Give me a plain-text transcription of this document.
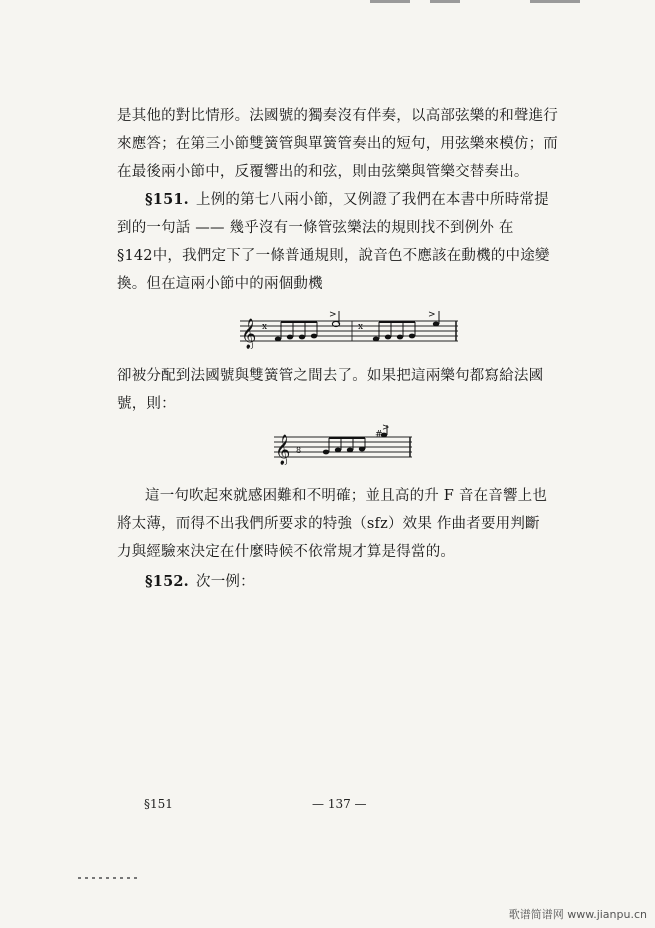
是其他的對比情形。法國號的獨奏沒有伴奏，以高部弦樂的和聲進行
來應答；在第三小節雙簧管與單簧管奏出的短句，用弦樂來模仿；而
在最後兩小節中，反覆響出的和弦，則由弦樂與管樂交替奏出。
§151. 上例的第七八兩小節，又例證了我們在本書中所時常提
到的一句話 —— 幾乎沒有一條管弦樂法的規則找不到例外 在
§142中，我們定下了一條普通規則，說音色不應該在動機的中途變
換。但在這兩小節中的兩個動機
𝄞 x
>	>
x
卻被分配到法國號與雙簧管之間去了。如果把這兩樂句都寫給法國
號，則：
𝄞 8
#
>
這一句吹起來就感困難和不明確；並且高的升 F 音在音響上也
將太薄，而得不出我們所要求的特強（sfz）效果 作曲者要用判斷
力與經驗來決定在什麼時候不依常規才算是得當的。
§152. 次一例：
§151	— 137 —
歌谱简谱网 www.jianpu.cn
